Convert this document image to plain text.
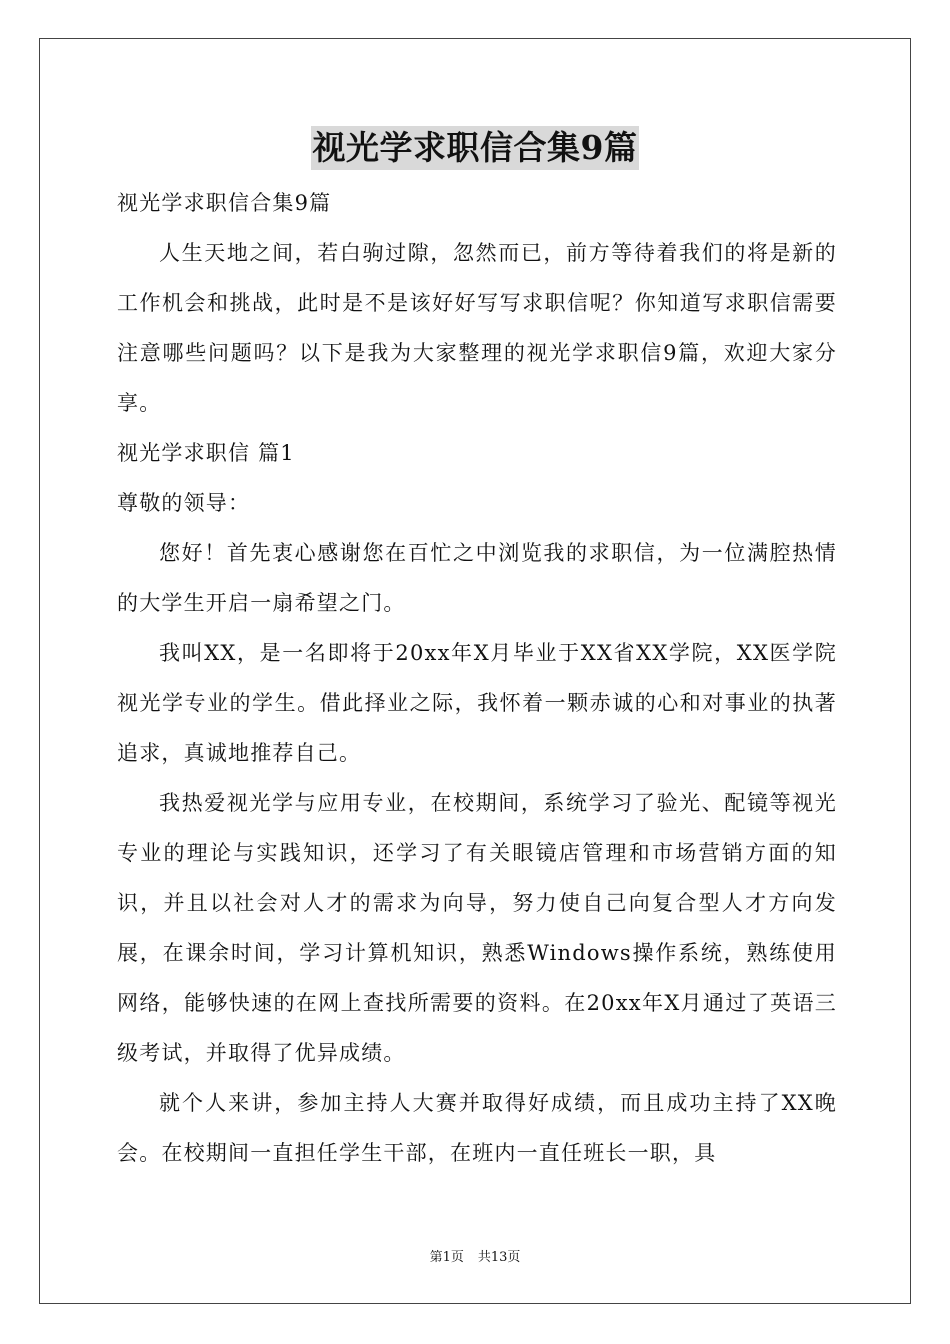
视光学求职信合集9篇

视光学求职信合集9篇

人生天地之间，若白驹过隙，忽然而已，前方等待着我们的将是新的工作机会和挑战，此时是不是该好好写写求职信呢？你知道写求职信需要注意哪些问题吗？以下是我为大家整理的视光学求职信9篇，欢迎大家分享。

视光学求职信 篇1

尊敬的领导：

您好！首先衷心感谢您在百忙之中浏览我的求职信，为一位满腔热情的大学生开启一扇希望之门。

我叫XX，是一名即将于20xx年X月毕业于XX省XX学院，XX医学院视光学专业的学生。借此择业之际，我怀着一颗赤诚的心和对事业的执著追求，真诚地推荐自己。

我热爱视光学与应用专业，在校期间，系统学习了验光、配镜等视光专业的理论与实践知识，还学习了有关眼镜店管理和市场营销方面的知识，并且以社会对人才的需求为向导，努力使自己向复合型人才方向发展，在课余时间，学习计算机知识，熟悉Windows操作系统，熟练使用网络，能够快速的在网上查找所需要的资料。在20xx年X月通过了英语三级考试，并取得了优异成绩。

就个人来讲，参加主持人大赛并取得好成绩，而且成功主持了XX晚会。在校期间一直担任学生干部，在班内一直任班长一职，具

第1页 共13页
